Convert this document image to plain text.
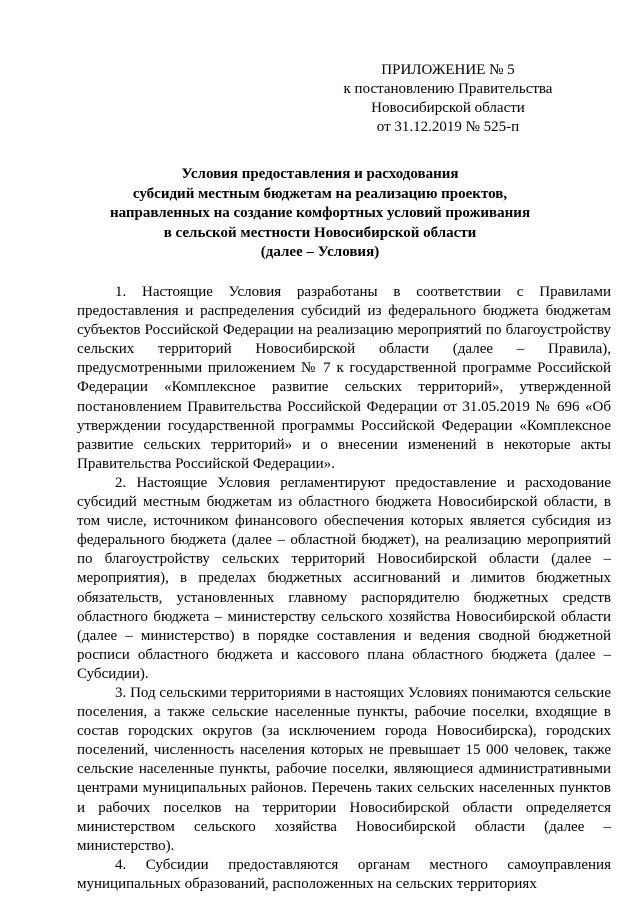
ПРИЛОЖЕНИЕ № 5
к постановлению Правительства
Новосибирской области
от 31.12.2019 № 525-п
Условия предоставления и расходования
субсидий местным бюджетам на реализацию проектов,
направленных на создание комфортных условий проживания
в сельской местности Новосибирской области
(далее – Условия)

1. Настоящие Условия разработаны в соответствии с Правилами предоставления и распределения субсидий из федерального бюджета бюджетам субъектов Российской Федерации на реализацию мероприятий по благоустройству сельских территорий Новосибирской области (далее – Правила), предусмотренными приложением № 7 к государственной программе Российской Федерации «Комплексное развитие сельских территорий», утвержденной постановлением Правительства Российской Федерации от 31.05.2019 № 696 «Об утверждении государственной программы Российской Федерации «Комплексное развитие сельских территорий» и о внесении изменений в некоторые акты Правительства Российской Федерации».

2. Настоящие Условия регламентируют предоставление и расходование субсидий местным бюджетам из областного бюджета Новосибирской области, в том числе, источником финансового обеспечения которых является субсидия из федерального бюджета (далее – областной бюджет), на реализацию мероприятий по благоустройству сельских территорий Новосибирской области (далее – мероприятия), в пределах бюджетных ассигнований и лимитов бюджетных обязательств, установленных главному распорядителю бюджетных средств областного бюджета – министерству сельского хозяйства Новосибирской области (далее – министерство) в порядке составления и ведения сводной бюджетной росписи областного бюджета и кассового плана областного бюджета (далее – Субсидии).

3. Под сельскими территориями в настоящих Условиях понимаются сельские поселения, а также сельские населенные пункты, рабочие поселки, входящие в состав городских округов (за исключением города Новосибирска), городских поселений, численность населения которых не превышает 15 000 человек, также сельские населенные пункты, рабочие поселки, являющиеся административными центрами муниципальных районов. Перечень таких сельских населенных пунктов и рабочих поселков на территории Новосибирской области определяется министерством сельского хозяйства Новосибирской области (далее – министерство).

4. Субсидии предоставляются органам местного самоуправления муниципальных образований, расположенных на сельских территориях
